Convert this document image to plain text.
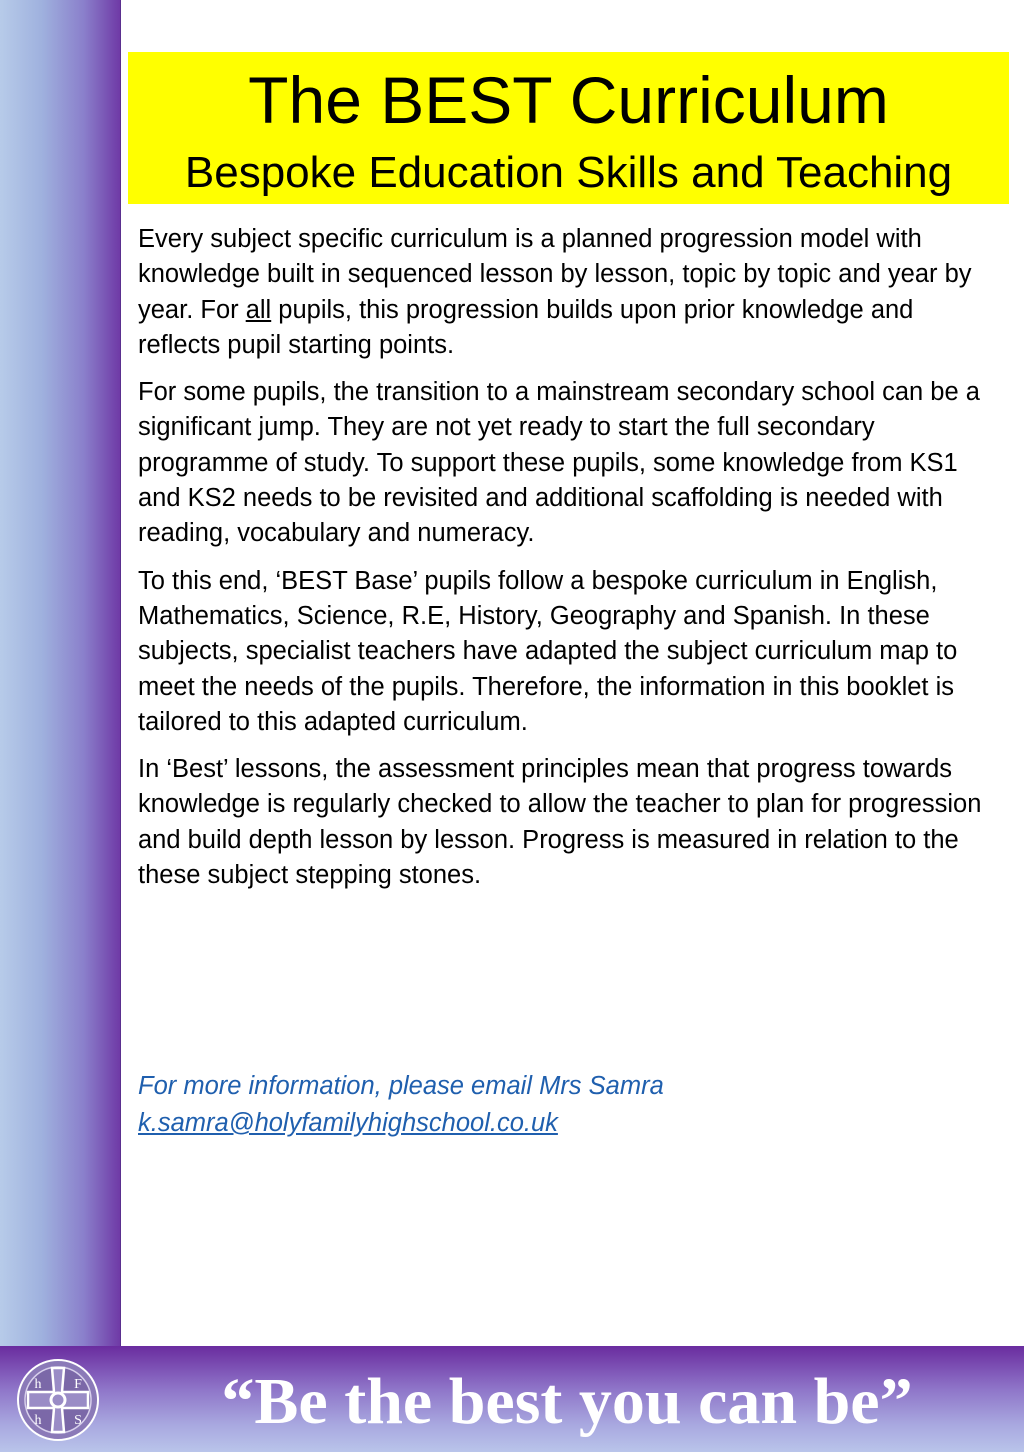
The BEST Curriculum
Bespoke Education Skills and Teaching

Every subject specific curriculum is a planned progression model with knowledge built in sequenced lesson by lesson, topic by topic and year by year. For all pupils, this progression builds upon prior knowledge and reflects pupil starting points.

For some pupils, the transition to a mainstream secondary school can be a significant jump. They are not yet ready to start the full secondary programme of study. To support these pupils, some knowledge from KS1 and KS2 needs to be revisited and additional scaffolding is needed with reading, vocabulary and numeracy.

To this end, ‘BEST Base’ pupils follow a bespoke curriculum in English, Mathematics, Science, R.E, History, Geography and Spanish. In these subjects, specialist teachers have adapted the subject curriculum map to meet the needs of the pupils. Therefore, the information in this booklet is tailored to this adapted curriculum.

In ‘Best’ lessons, the assessment principles mean that progress towards knowledge is regularly checked to allow the teacher to plan for progression and build depth lesson by lesson. Progress is measured in relation to the these subject stepping stones.

For more information, please email Mrs Samra
k.samra@holyfamilyhighschool.co.uk
h F
h S	“Be the best you can be”
